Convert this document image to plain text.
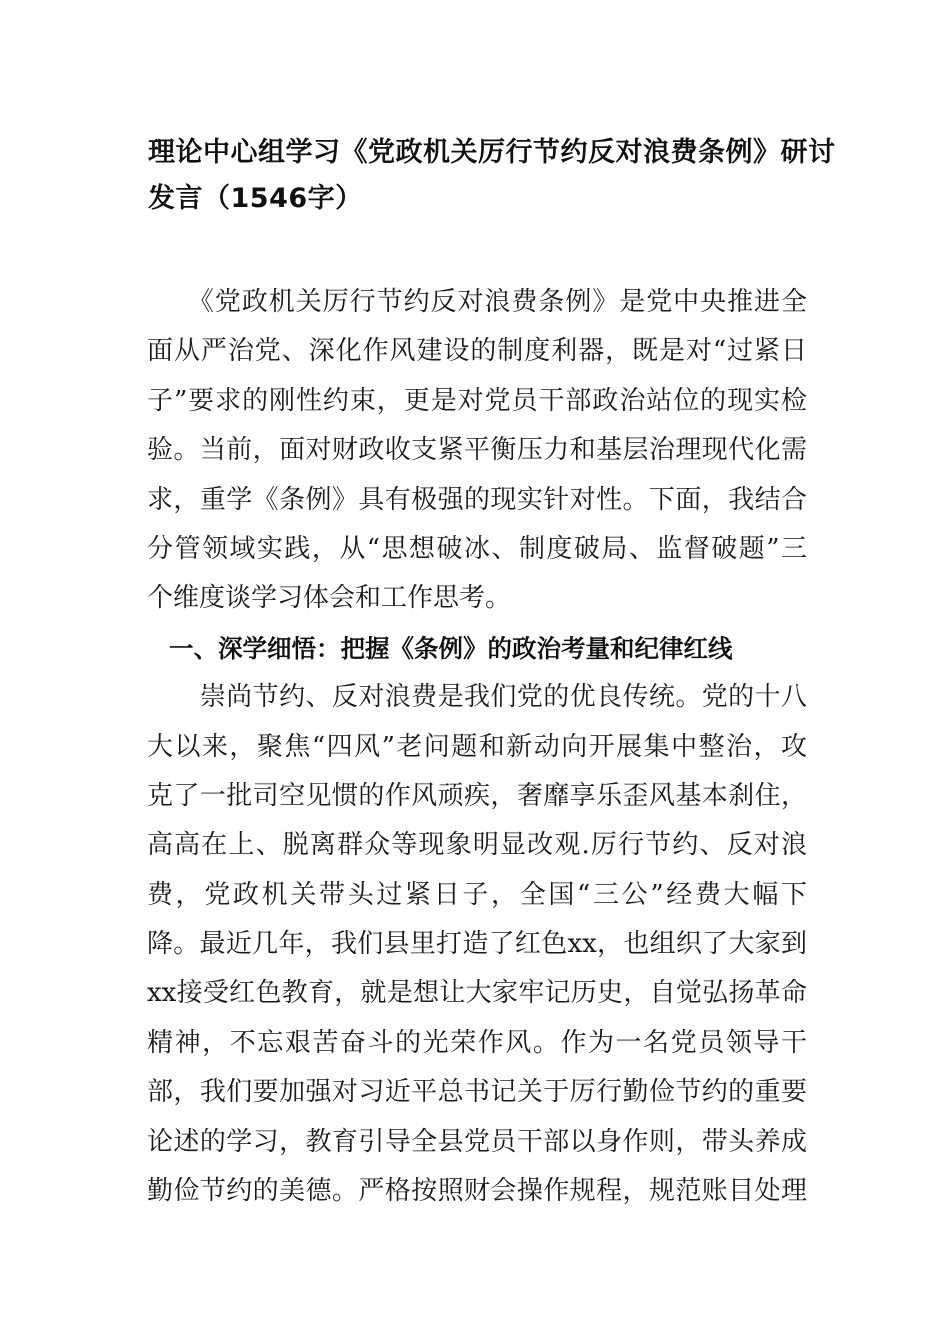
理论中心组学习《党政机关厉行节约反对浪费条例》研讨
发言（1546字）
　　《党政机关厉行节约反对浪费条例》是党中央推进全
面从严治党、深化作风建设的制度利器，既是对“过紧日
子”要求的刚性约束，更是对党员干部政治站位的现实检
验。当前，面对财政收支紧平衡压力和基层治理现代化需
求，重学《条例》具有极强的现实针对性。下面，我结合
分管领域实践，从“思想破冰、制度破局、监督破题”三
个维度谈学习体会和工作思考。
一、深学细悟：把握《条例》的政治考量和纪律红线
　　崇尚节约、反对浪费是我们党的优良传统。党的十八
大以来，聚焦“四风”老问题和新动向开展集中整治，攻
克了一批司空见惯的作风顽疾，奢靡享乐歪风基本刹住，
高高在上、脱离群众等现象明显改观.厉行节约、反对浪
费，党政机关带头过紧日子，全国“三公”经费大幅下
降。最近几年，我们县里打造了红色xx，也组织了大家到
xx接受红色教育，就是想让大家牢记历史，自觉弘扬革命
精神，不忘艰苦奋斗的光荣作风。作为一名党员领导干
部，我们要加强对习近平总书记关于厉行勤俭节约的重要
论述的学习，教育引导全县党员干部以身作则，带头养成
勤俭节约的美德。严格按照财会操作规程，规范账目处理
